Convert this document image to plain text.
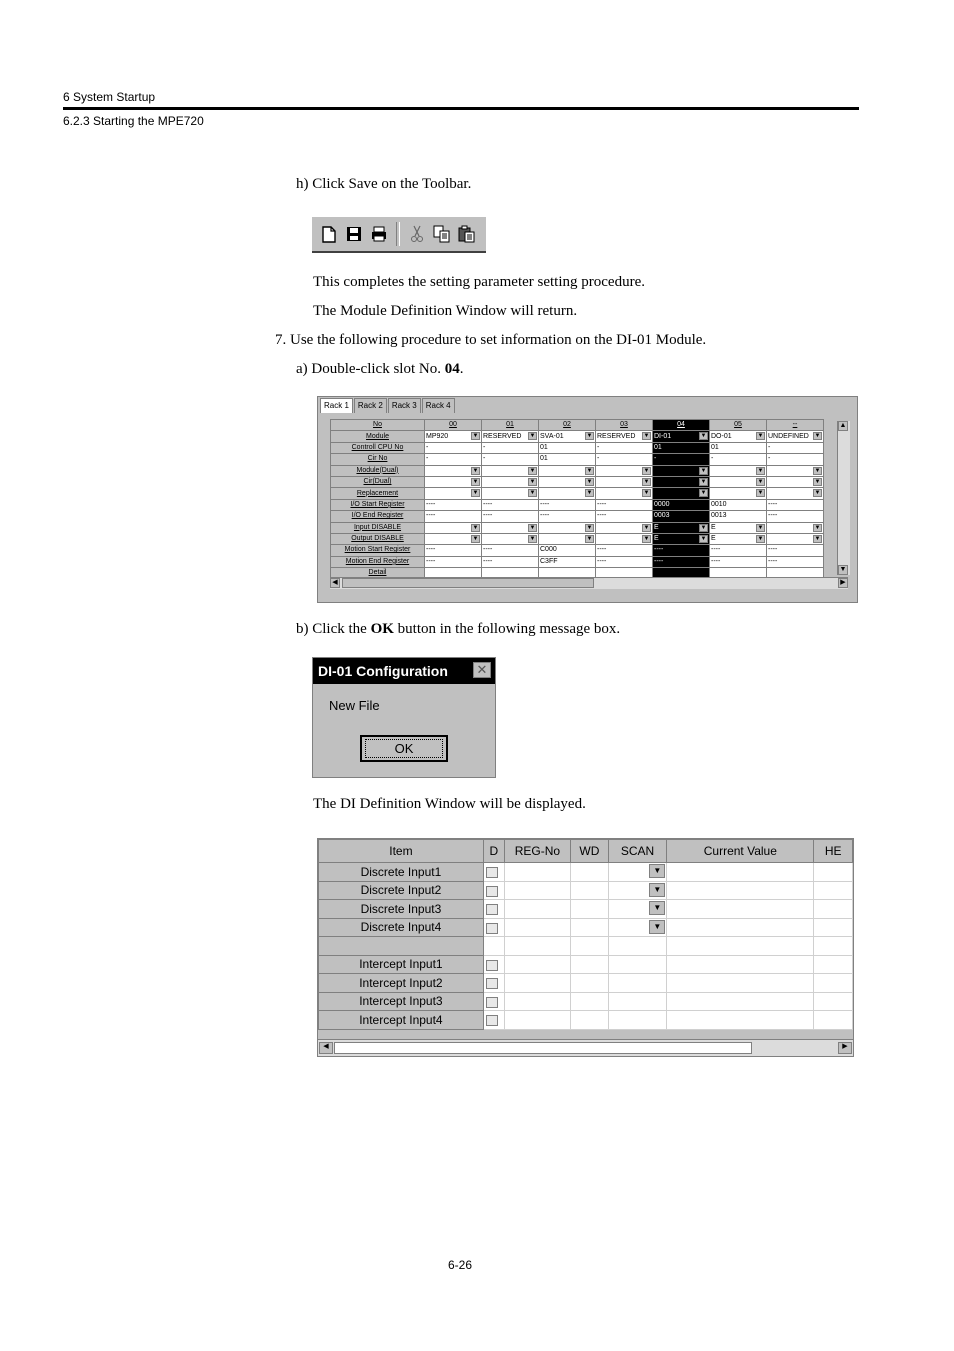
6 System Startup
6.2.3 Starting the MPE720
h) Click Save on the Toolbar.
This completes the setting parameter setting procedure.
The Module Definition Window will return.
7. Use the following procedure to set information on the DI-01 Module.
a) Double-click slot No. 04.
Rack 1	Rack 2	Rack 3	Rack 4
No	00	01	02	03	04	05	--
Module	MP920 ▼	RESERVED ▼	SVA-01 ▼	RESERVED ▼	DI-01 ▼	DO-01 ▼	UNDEFINED ▼

Controll CPU No	-	-	01	-	01	01	-
Cir No	-	-	01	-	-	-	-
Module(Dual)	▼	▼	▼	▼	▼	▼	▼

Cir(Dual)	▼	▼	▼	▼	▼	▼	▼

Replacement	▼	▼	▼	▼	▼	▼	▼

I/O Start Register	----	----	----	----	0000	0010	----
I/O End Register	----	----	----	----	0003	0013	----
Input DISABLE	▼	▼	▼	▼	E ▼	E ▼	▼

Output DISABLE	▼	▼	▼	▼	E ▼	E ▼	▼

Motion Start Register	----	----	C000	----	----	----	----
Motion End Register	----	----	C3FF	----	----	----	----
Detail							
▲
▼
◀	▶
b) Click the OK button in the following message box.
DI-01 Configuration	✕
New File
OK
The DI Definition Window will be displayed.
Item	D	REG-No	WD	SCAN	Current Value	HE
Discrete Input1				▼		

Discrete Input2				▼		

Discrete Input3				▼		

Discrete Input4				▼		

Intercept Input1						
Intercept Input2						
Intercept Input3						
Intercept Input4						
◀	▶
6-26
